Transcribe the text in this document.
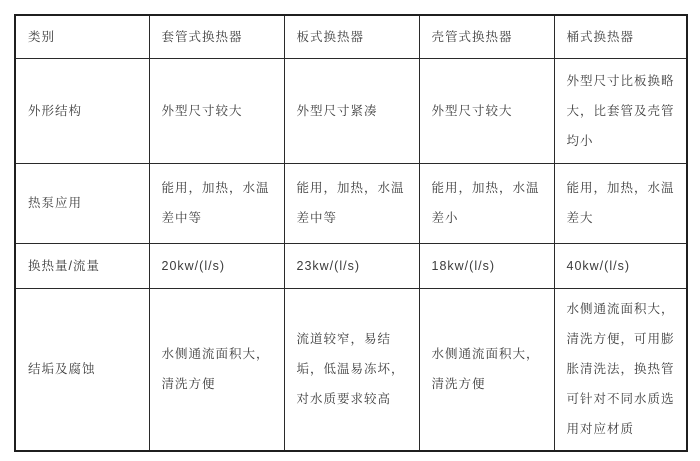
类别	套管式换热器	板式换热器	壳管式换热器	桶式换热器
外形结构	外型尺寸较大	外型尺寸紧凑	外型尺寸较大	外型尺寸比板换略大，比套管及壳管均小
热泵应用	能用，加热，水温差中等	能用，加热，水温差中等	能用，加热，水温差小	能用，加热，水温差大
换热量/流量	20kw/(l/s)	23kw/(l/s)	18kw/(l/s)	40kw/(l/s)
结垢及腐蚀	水侧通流面积大，清洗方便	流道较窄，易结垢，低温易冻坏，对水质要求较高	水侧通流面积大，清洗方便	水侧通流面积大，清洗方便，可用膨胀清洗法，换热管可针对不同水质选用对应材质
